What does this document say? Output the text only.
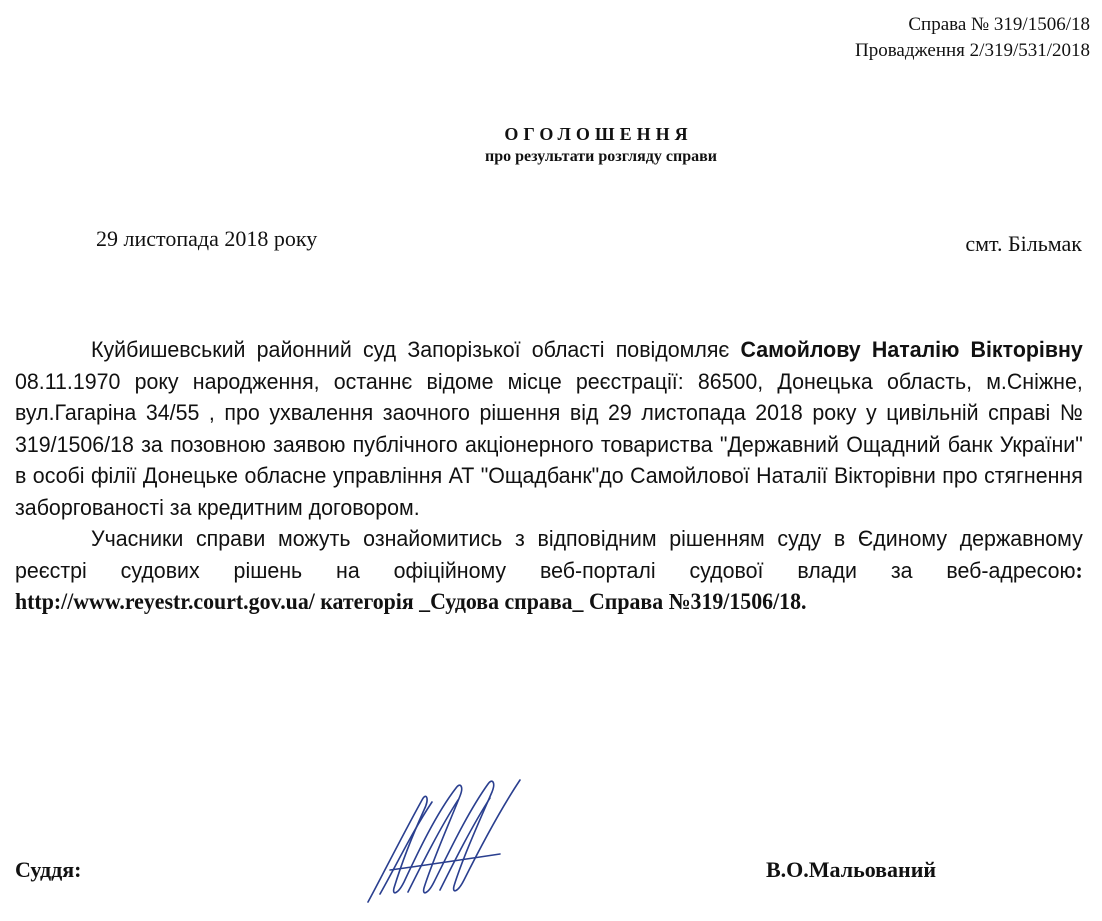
Справа № 319/1506/18
Провадження 2/319/531/2018
ОГОЛОШЕННЯ
про результати розгляду справи
29 листопада 2018 року	смт. Більмак

Куйбишевський районний суд Запорізької області повідомляє Самойлову Наталію Вікторівну 08.11.1970 року народження, останнє відоме місце реєстрації: 86500, Донецька область, м.Сніжне, вул.Гагаріна 34/55 , про ухвалення заочного рішення від 29 листопада 2018 року у цивільній справі № 319/1506/18 за позовною заявою публічного акціонерного товариства "Державний Ощадний банк України" в особі філії Донецьке обласне управління АТ "Ощадбанк"до Самойлової Наталії Вікторівни про стягнення заборгованості за кредитним договором.

Учасники справи можуть ознайомитись з відповідним рішенням суду в Єдиному державному реєстрі судових рішень на офіційному веб-порталі судової влади за веб-адресою: http://www.reyestr.court.gov.ua/ категорія _Судова справа_ Справа №319/1506/18.

Суддя:	В.О.Мальований
